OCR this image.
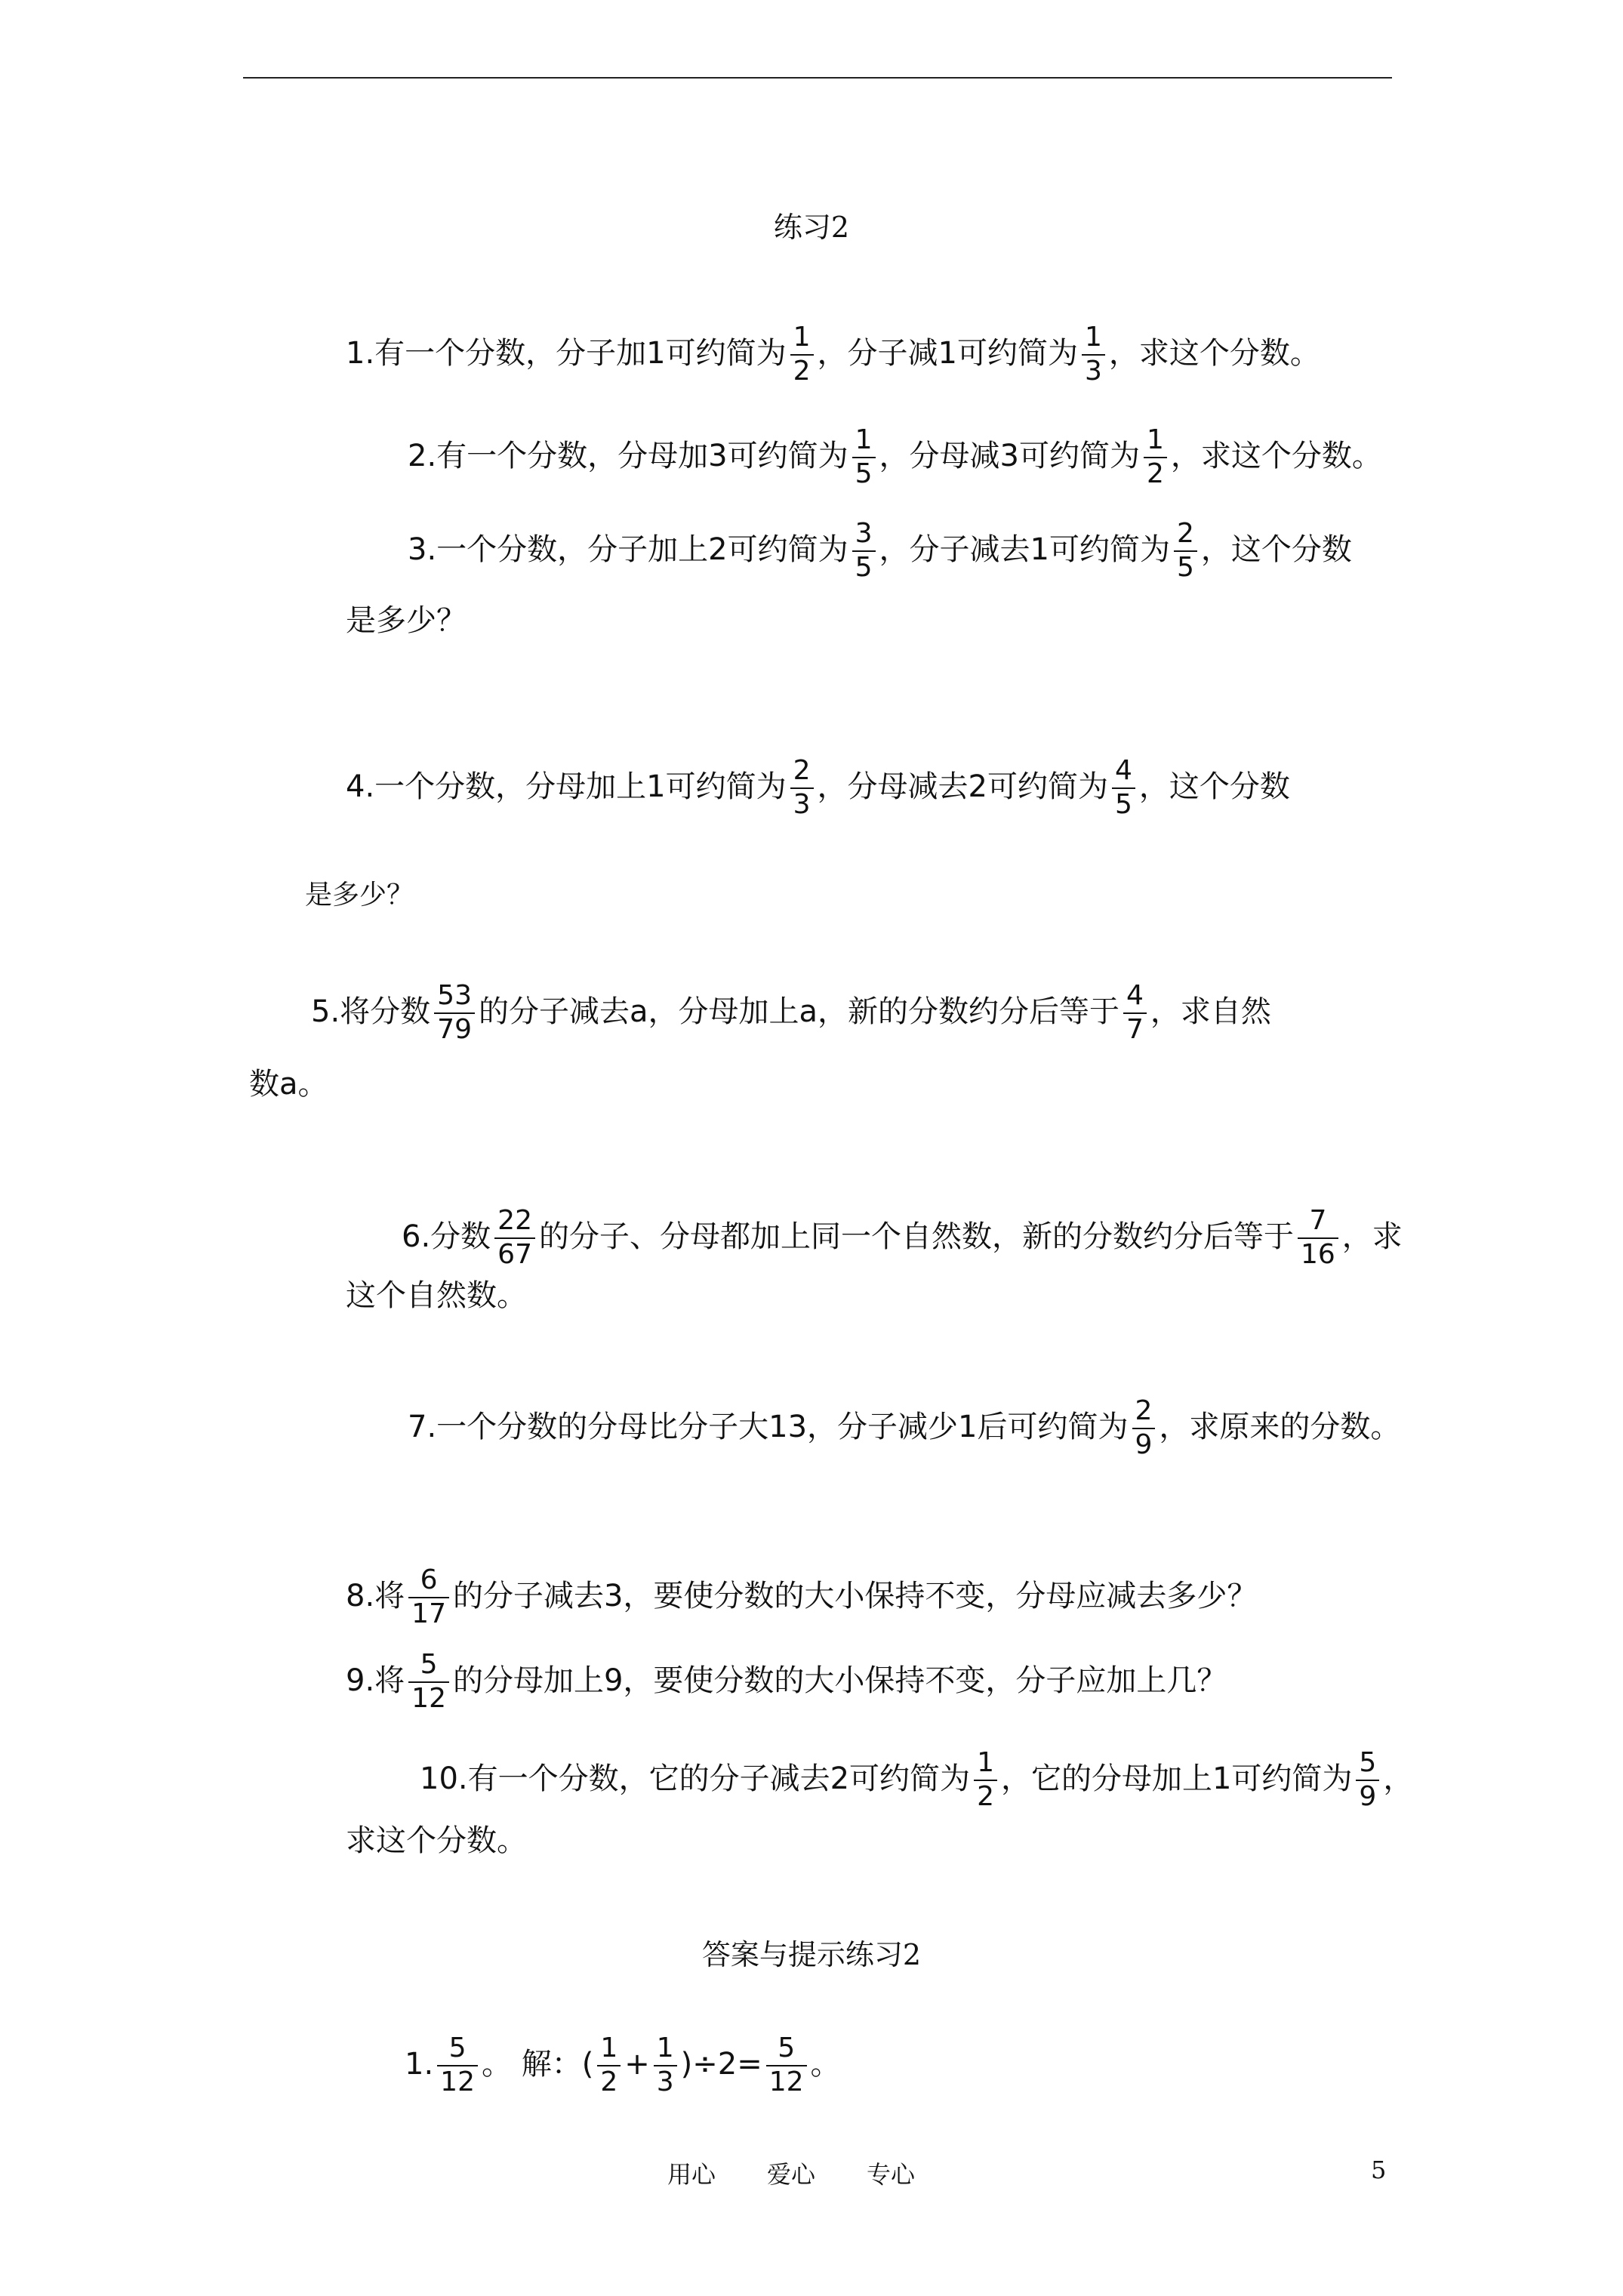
练习2
1.有一个分数，分子加1可约简为 $\frac{1}{2}$ ，分子减1可约简为 $\frac{1}{3}$ ，求这个分数。
2.有一个分数，分母加3可约简为 $\frac{1}{5}$ ，分母减3可约简为 $\frac{1}{2}$ ，求这个分数。
3.一个分数，分子加上2可约简为 $\frac{3}{5}$ ，分子减去1可约简为 $\frac{2}{5}$ ，这个分数
是多少？
4.一个分数，分母加上1可约简为 $\frac{2}{3}$ ，分母减去2可约简为 $\frac{4}{5}$ ，这个分数
是多少？
5.将分数 $\frac{53}{79}$ 的分子减去a，分母加上a，新的分数约分后等于 $\frac{4}{7}$ ，求自然
数a。
6.分数 $\frac{22}{67}$ 的分子、分母都加上同一个自然数，新的分数约分后等于 $\frac{7}{16}$ ，求
这个自然数。
7.一个分数的分母比分子大13，分子减少1后可约简为 $\frac{2}{9}$ ，求原来的分数。
8.将 $\frac{6}{17}$ 的分子减去3，要使分数的大小保持不变，分母应减去多少？
9.将 $\frac{5}{12}$ 的分母加上9，要使分数的大小保持不变，分子应加上几？
10.有一个分数，它的分子减去2可约简为 $\frac{1}{2}$ ，它的分母加上1可约简为 $\frac{5}{9}$ ，
求这个分数。
答案与提示练习2
1. $\frac{5}{12}$ 。 解：( $\frac{1}{2} + \frac{1}{3} )\div 2= \frac{5}{12}$ 。
用心 爱心 专心	5
